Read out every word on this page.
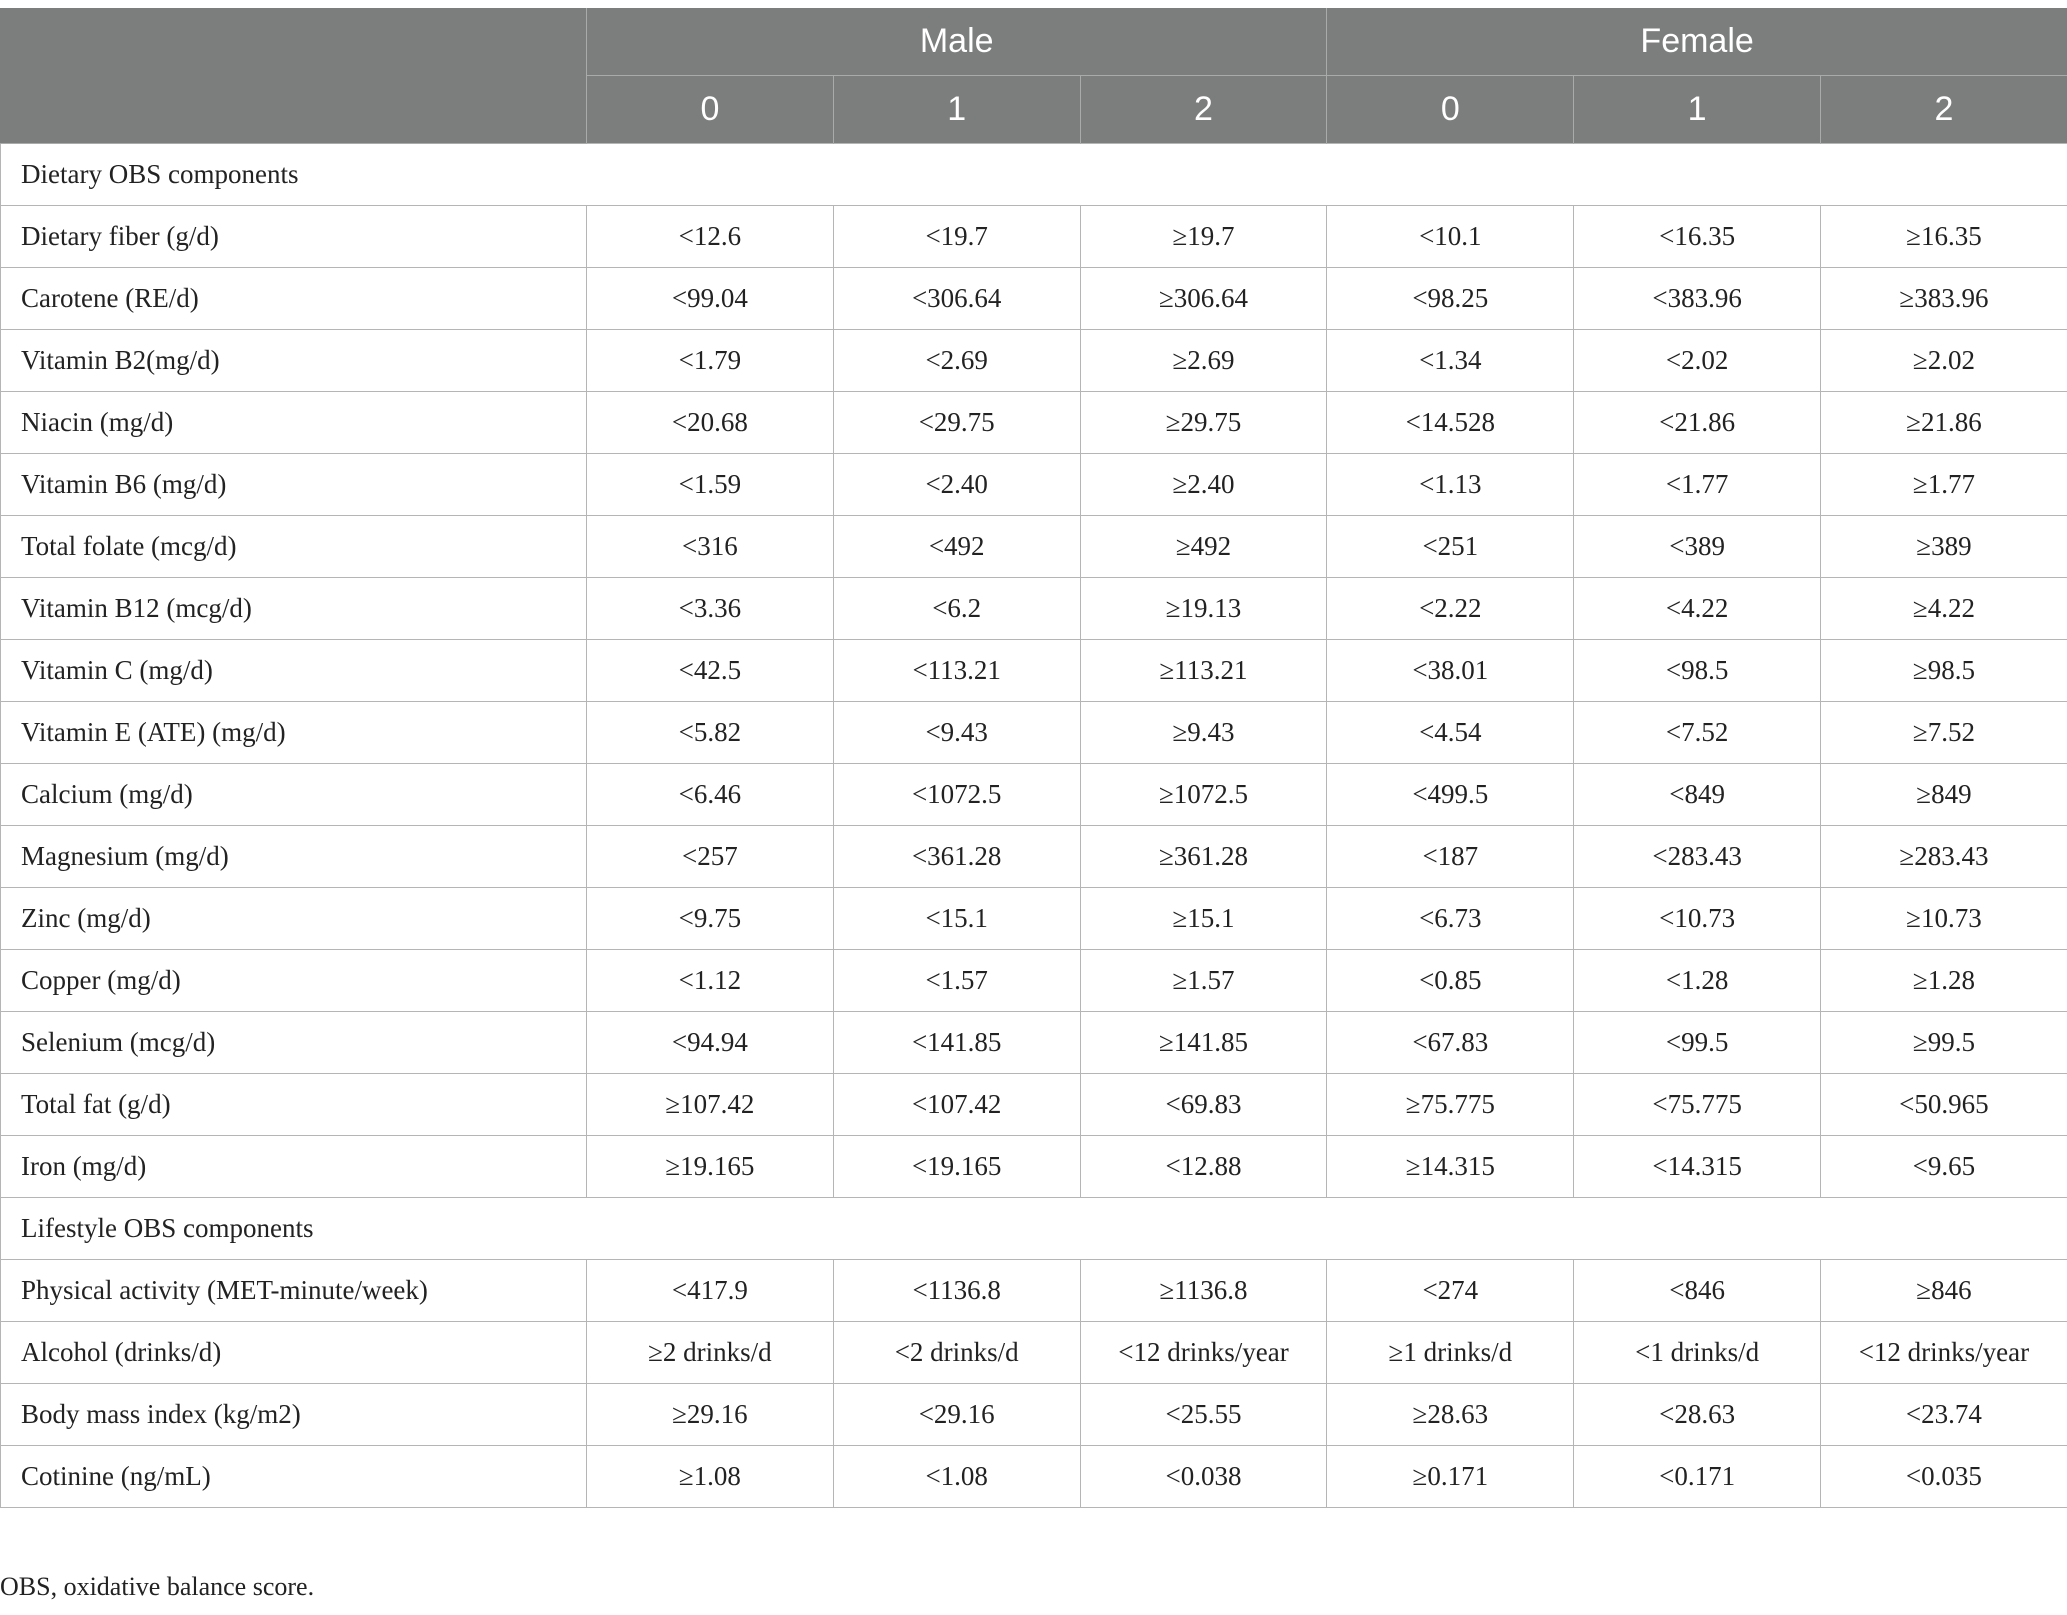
	Male			Female		
	0	1	2	0	1	2
Dietary OBS components						
Dietary fiber (g/d)	<12.6	<19.7	≥19.7	<10.1	<16.35	≥16.35
Carotene (RE/d)	<99.04	<306.64	≥306.64	<98.25	<383.96	≥383.96
Vitamin B2(mg/d)	<1.79	<2.69	≥2.69	<1.34	<2.02	≥2.02
Niacin (mg/d)	<20.68	<29.75	≥29.75	<14.528	<21.86	≥21.86
Vitamin B6 (mg/d)	<1.59	<2.40	≥2.40	<1.13	<1.77	≥1.77
Total folate (mcg/d)	<316	<492	≥492	<251	<389	≥389
Vitamin B12 (mcg/d)	<3.36	<6.2	≥19.13	<2.22	<4.22	≥4.22
Vitamin C (mg/d)	<42.5	<113.21	≥113.21	<38.01	<98.5	≥98.5
Vitamin E (ATE) (mg/d)	<5.82	<9.43	≥9.43	<4.54	<7.52	≥7.52
Calcium (mg/d)	<6.46	<1072.5	≥1072.5	<499.5	<849	≥849
Magnesium (mg/d)	<257	<361.28	≥361.28	<187	<283.43	≥283.43
Zinc (mg/d)	<9.75	<15.1	≥15.1	<6.73	<10.73	≥10.73
Copper (mg/d)	<1.12	<1.57	≥1.57	<0.85	<1.28	≥1.28
Selenium (mcg/d)	<94.94	<141.85	≥141.85	<67.83	<99.5	≥99.5
Total fat (g/d)	≥107.42	<107.42	<69.83	≥75.775	<75.775	<50.965
Iron (mg/d)	≥19.165	<19.165	<12.88	≥14.315	<14.315	<9.65
Lifestyle OBS components						
Physical activity (MET-minute/week)	<417.9	<1136.8	≥1136.8	<274	<846	≥846
Alcohol (drinks/d)	≥2 drinks/d	<2 drinks/d	<12 drinks/year	≥1 drinks/d	<1 drinks/d	<12 drinks/year
Body mass index (kg/m2)	≥29.16	<29.16	<25.55	≥28.63	<28.63	<23.74
Cotinine (ng/mL)	≥1.08	<1.08	<0.038	≥0.171	<0.171	<0.035

OBS, oxidative balance score.
